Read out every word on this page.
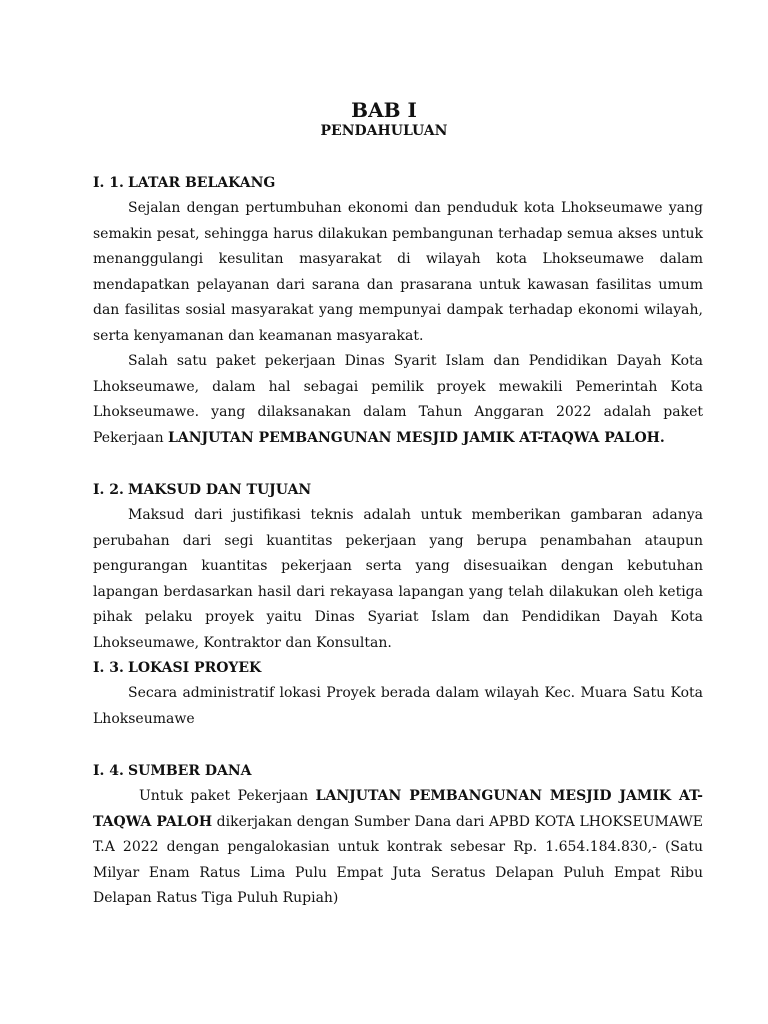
BAB I
PENDAHULUAN
I. 1. LATAR BELAKANG

Sejalan dengan pertumbuhan ekonomi dan penduduk kota Lhokseumawe yang semakin pesat, sehingga harus dilakukan pembangunan terhadap semua akses untuk menanggulangi kesulitan masyarakat di wilayah kota Lhokseumawe dalam mendapatkan pelayanan dari sarana dan prasarana untuk kawasan fasilitas umum dan fasilitas sosial masyarakat yang mempunyai dampak terhadap ekonomi wilayah, serta kenyamanan dan keamanan masyarakat.

Salah satu paket pekerjaan Dinas Syarit Islam dan Pendidikan Dayah Kota Lhokseumawe, dalam hal sebagai pemilik proyek mewakili Pemerintah Kota Lhokseumawe. yang dilaksanakan dalam Tahun Anggaran 2022 adalah paket Pekerjaan LANJUTAN PEMBANGUNAN MESJID JAMIK AT-TAQWA PALOH.

I. 2. MAKSUD DAN TUJUAN

Maksud dari justifikasi teknis adalah untuk memberikan gambaran adanya perubahan dari segi kuantitas pekerjaan yang berupa penambahan ataupun pengurangan kuantitas pekerjaan serta yang disesuaikan dengan kebutuhan lapangan berdasarkan hasil dari rekayasa lapangan yang telah dilakukan oleh ketiga pihak pelaku proyek yaitu Dinas Syariat Islam dan Pendidikan Dayah Kota Lhokseumawe, Kontraktor dan Konsultan.

I. 3. LOKASI PROYEK

Secara administratif lokasi Proyek berada dalam wilayah Kec. Muara Satu Kota Lhokseumawe

I. 4. SUMBER DANA

Untuk paket Pekerjaan LANJUTAN PEMBANGUNAN MESJID JAMIK AT-TAQWA PALOH dikerjakan dengan Sumber Dana dari APBD KOTA LHOKSEUMAWE T.A 2022 dengan pengalokasian untuk kontrak sebesar Rp. 1.654.184.830,- (Satu Milyar Enam Ratus Lima Pulu Empat Juta Seratus Delapan Puluh Empat Ribu Delapan Ratus Tiga Puluh Rupiah)
